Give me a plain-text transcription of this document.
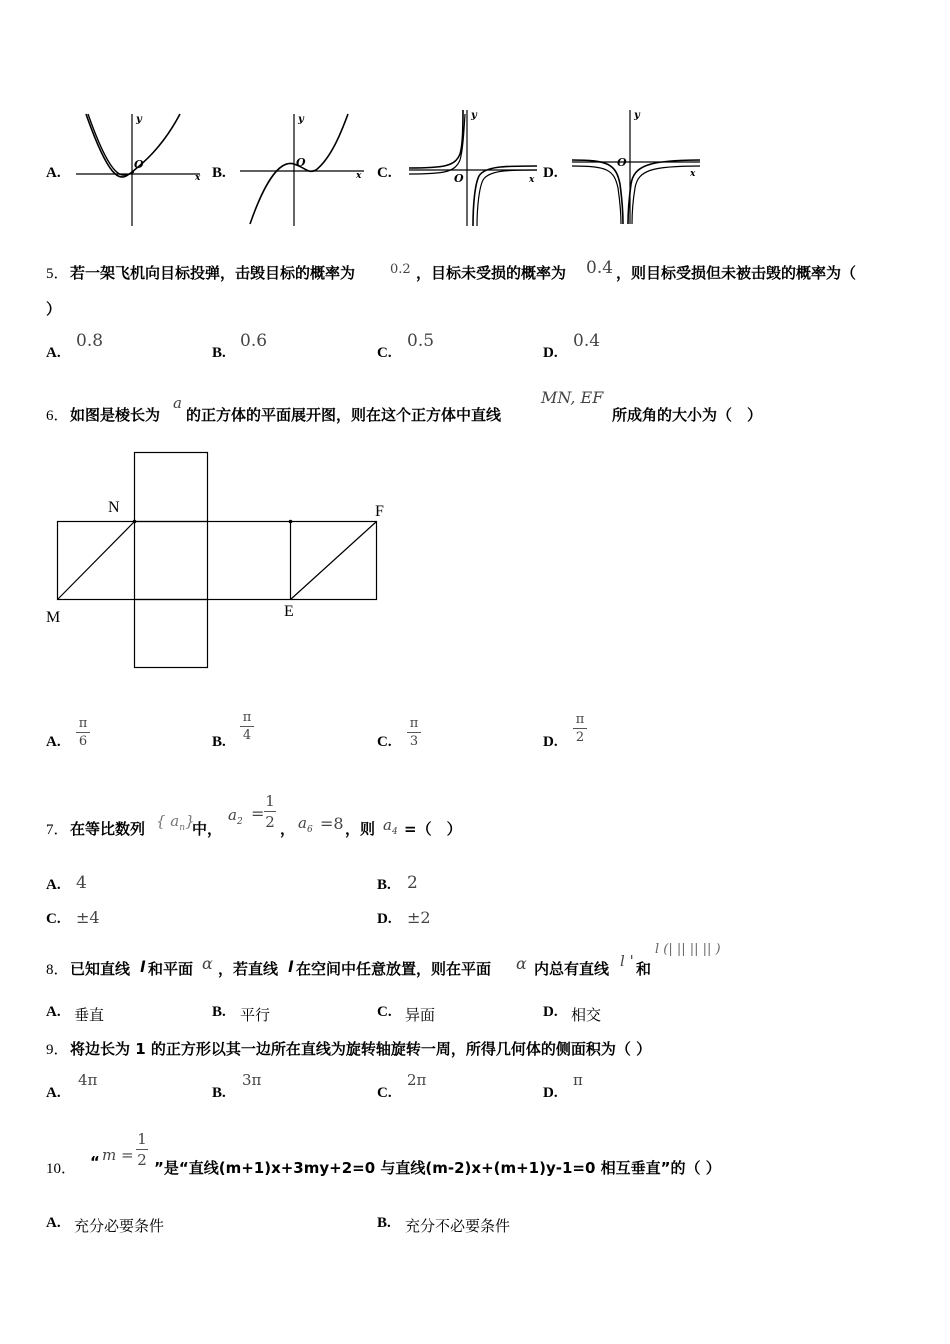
A.	B.	C.	D.
y
x
O
y
x
O
y
x
O
y
x
O
5． 若一架飞机向目标投弹，击毁目标的概率为	0.2 ，目标未受损的概率为 0.4 ，则目标受损但未被击毁的概率为（
）
A.
0.8
B.
0.6
C.
0.5
D.
0.4
6． 如图是棱长为
a
的正方体的平面展开图，则在这个正方体中直线
MN, EF
所成角的大小为（　）
N	F
M	E
A.
π
6	B.
π
4	C.
π
3	D.
π
2
7． 在等比数列 { $a_n$}
中，
$a_2$ =
1
2 ， $a_6 =8$ ，则 $a_4$ =（　）
A. 4	B. 2
C. ±4	D. ±2
8． 已知直线 l 和平面 α ，若直线 l 在空间中任意放置，则在平面 α 内总有直线 l ' 和
l (| || || || )
A. 垂直	B. 平行	C. 异面	D. 相交
9． 将边长为 1 的正方形以其一边所在直线为旋转轴旋转一周，所得几何体的侧面积为（ ）
A.
4π
B.
3π
C.
2π
D.
π
10． “ m =
1
2 ”是“直线(m+1)x+3my+2=0 与直线(m-2)x+(m+1)y-1=0 相互垂直”的（ ）
A. 充分必要条件	B. 充分不必要条件
